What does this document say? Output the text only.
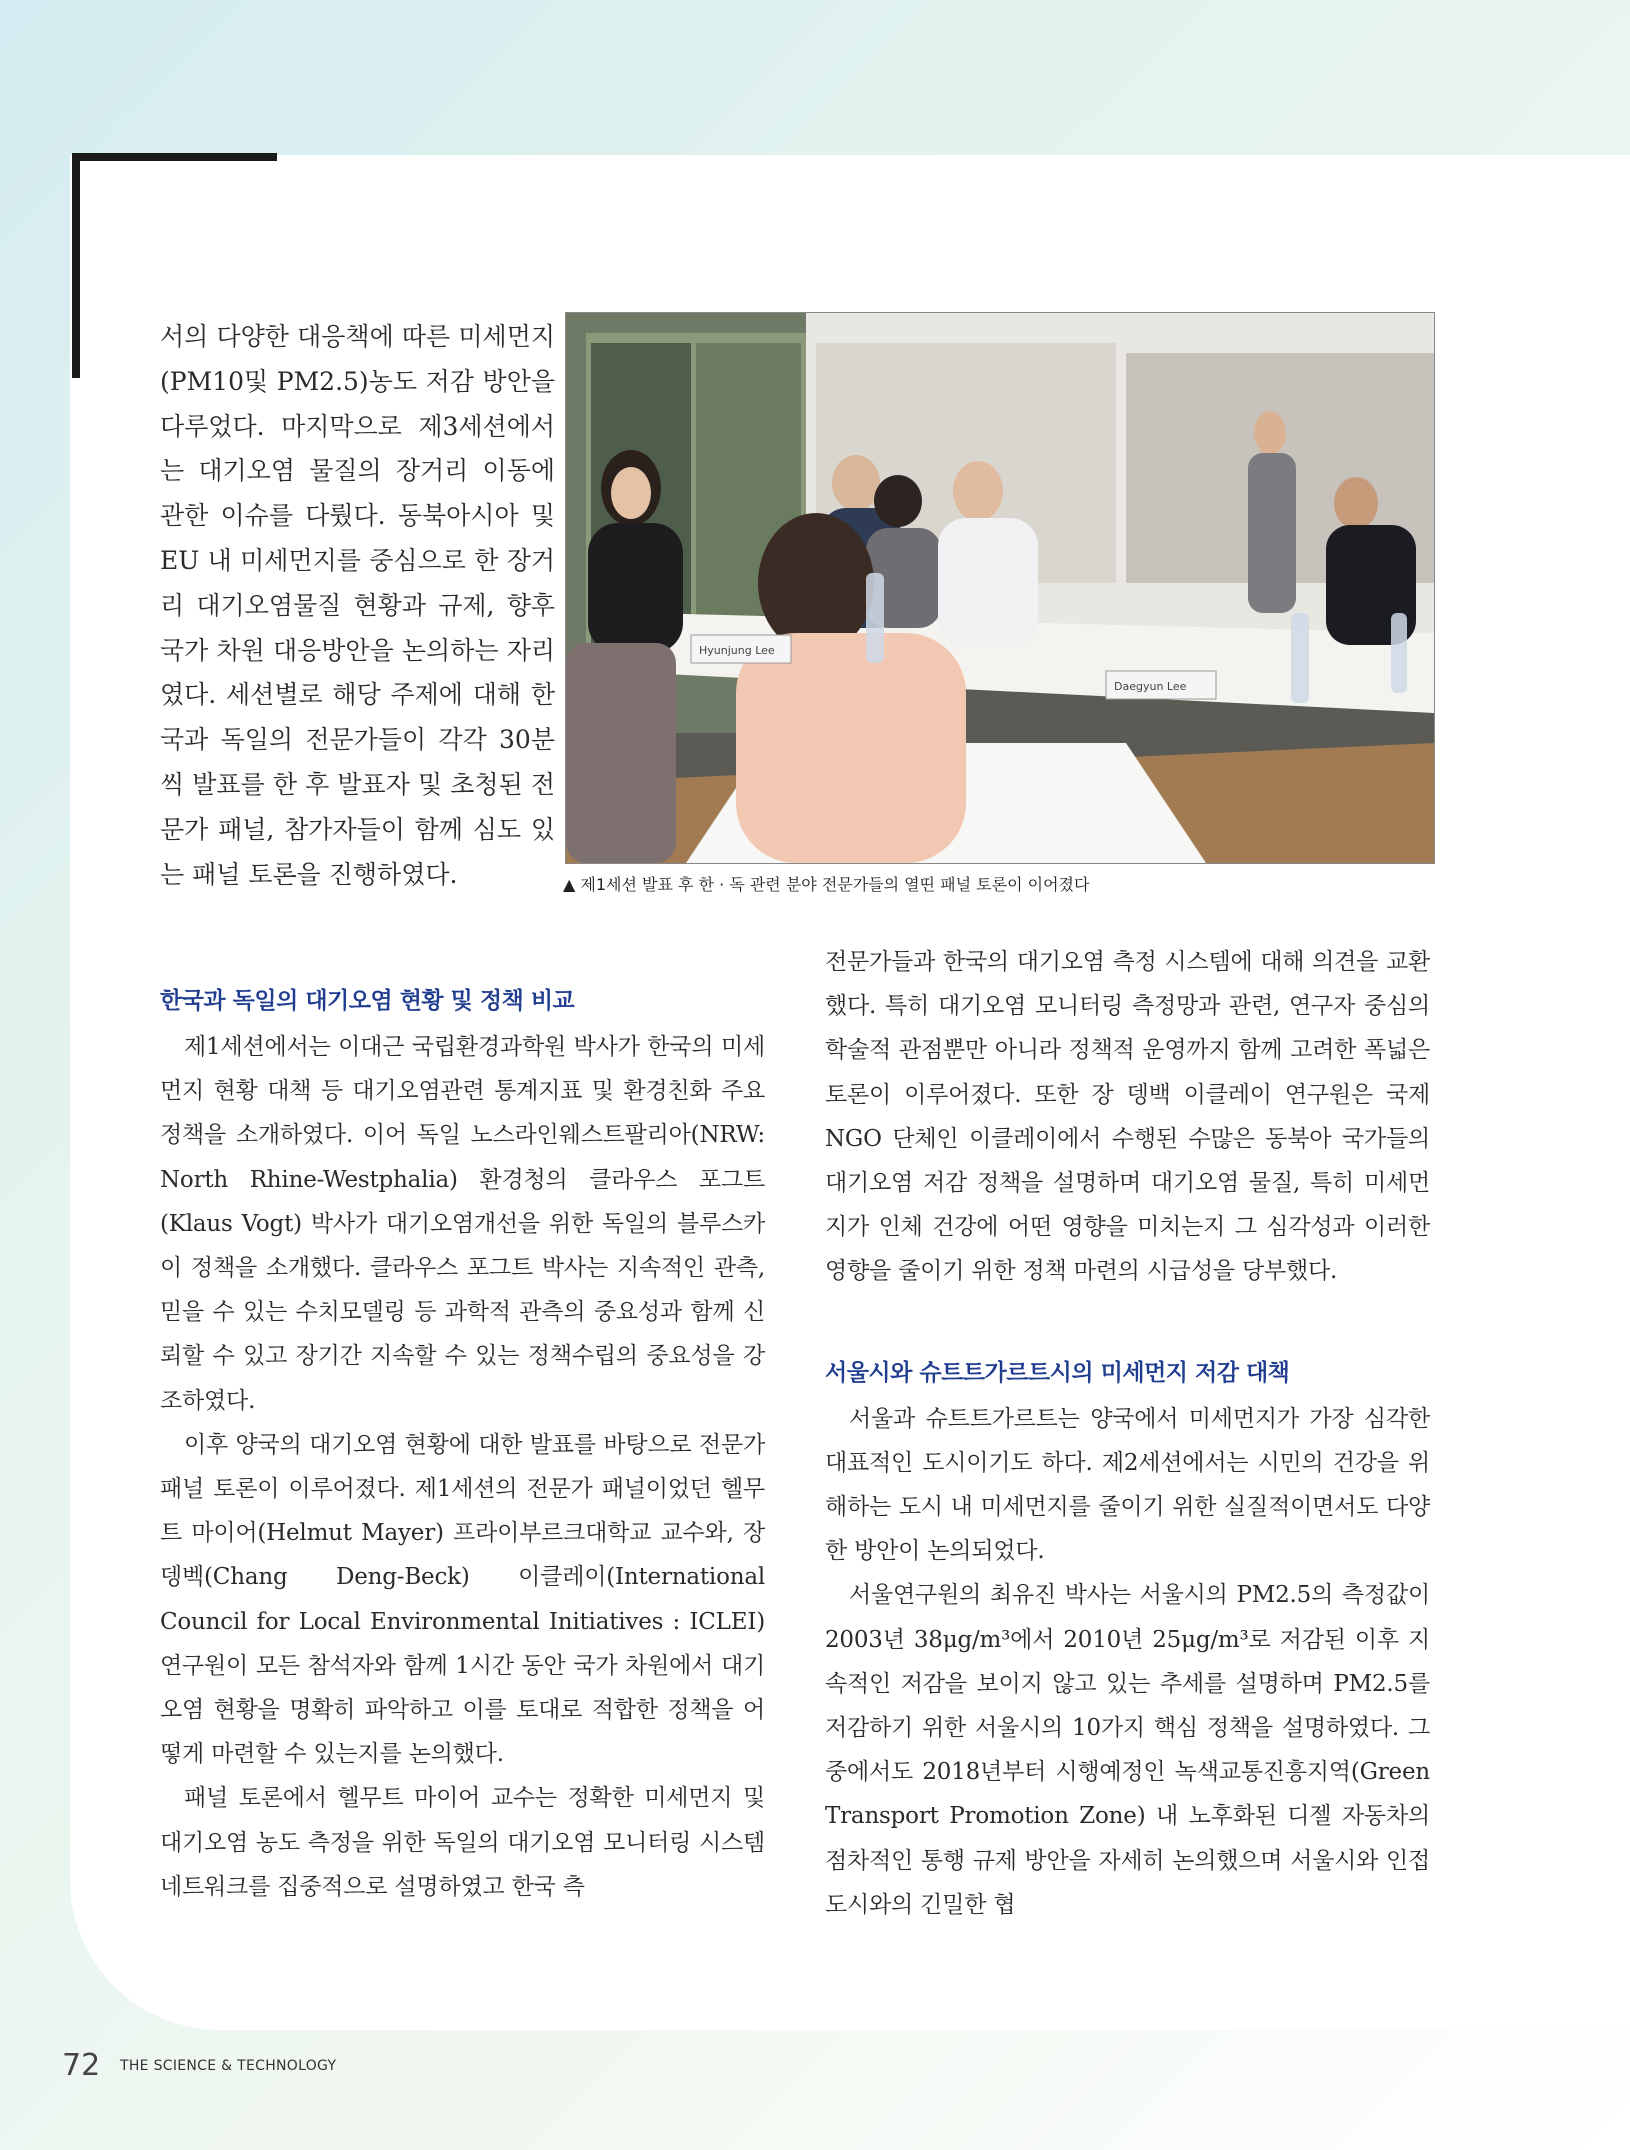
서의 다양한 대응책에 따른 미세먼지(PM10및 PM2.5)농도 저감 방안을 다루었다. 마지막으로 제3세션에서는 대기오염 물질의 장거리 이동에 관한 이슈를 다뤘다. 동북아시아 및 EU 내 미세먼지를 중심으로 한 장거리 대기오염물질 현황과 규제, 향후 국가 차원 대응방안을 논의하는 자리였다. 세션별로 해당 주제에 대해 한국과 독일의 전문가들이 각각 30분씩 발표를 한 후 발표자 및 초청된 전문가 패널, 참가자들이 함께 심도 있는 패널 토론을 진행하였다.

Hyunjung Lee
Daegyun Lee
▲ 제1세션 발표 후 한 · 독 관련 분야 전문가들의 열띤 패널 토론이 이어졌다
한국과 독일의 대기오염 현황 및 정책 비교

제1세션에서는 이대근 국립환경과학원 박사가 한국의 미세먼지 현황 대책 등 대기오염관련 통계지표 및 환경친화 주요 정책을 소개하였다. 이어 독일 노스라인웨스트팔리아(NRW: North Rhine-Westphalia) 환경청의 클라우스 포그트(Klaus Vogt) 박사가 대기오염개선을 위한 독일의 블루스카이 정책을 소개했다. 클라우스 포그트 박사는 지속적인 관측, 믿을 수 있는 수치모델링 등 과학적 관측의 중요성과 함께 신뢰할 수 있고 장기간 지속할 수 있는 정책수립의 중요성을 강조하였다.

이후 양국의 대기오염 현황에 대한 발표를 바탕으로 전문가 패널 토론이 이루어졌다. 제1세션의 전문가 패널이었던 헬무트 마이어(Helmut Mayer) 프라이부르크대학교 교수와, 장 뎅벡(Chang Deng-Beck) 이클레이(International Council for Local Environmental Initiatives : ICLEI) 연구원이 모든 참석자와 함께 1시간 동안 국가 차원에서 대기오염 현황을 명확히 파악하고 이를 토대로 적합한 정책을 어떻게 마련할 수 있는지를 논의했다.

패널 토론에서 헬무트 마이어 교수는 정확한 미세먼지 및 대기오염 농도 측정을 위한 독일의 대기오염 모니터링 시스템 네트워크를 집중적으로 설명하였고 한국 측

전문가들과 한국의 대기오염 측정 시스템에 대해 의견을 교환했다. 특히 대기오염 모니터링 측정망과 관련, 연구자 중심의 학술적 관점뿐만 아니라 정책적 운영까지 함께 고려한 폭넓은 토론이 이루어졌다. 또한 장 뎅백 이클레이 연구원은 국제 NGO 단체인 이클레이에서 수행된 수많은 동북아 국가들의 대기오염 저감 정책을 설명하며 대기오염 물질, 특히 미세먼지가 인체 건강에 어떤 영향을 미치는지 그 심각성과 이러한 영향을 줄이기 위한 정책 마련의 시급성을 당부했다.

서울시와 슈트트가르트시의 미세먼지 저감 대책

서울과 슈트트가르트는 양국에서 미세먼지가 가장 심각한 대표적인 도시이기도 하다. 제2세션에서는 시민의 건강을 위해하는 도시 내 미세먼지를 줄이기 위한 실질적이면서도 다양한 방안이 논의되었다.

서울연구원의 최유진 박사는 서울시의 PM2.5의 측정값이 2003년 38μg/m³에서 2010년 25μg/m³로 저감된 이후 지속적인 저감을 보이지 않고 있는 추세를 설명하며 PM2.5를 저감하기 위한 서울시의 10가지 핵심 정책을 설명하였다. 그중에서도 2018년부터 시행예정인 녹색교통진흥지역(Green Transport Promotion Zone) 내 노후화된 디젤 자동차의 점차적인 통행 규제 방안을 자세히 논의했으며 서울시와 인접 도시와의 긴밀한 협

72 THE SCIENCE & TECHNOLOGY
